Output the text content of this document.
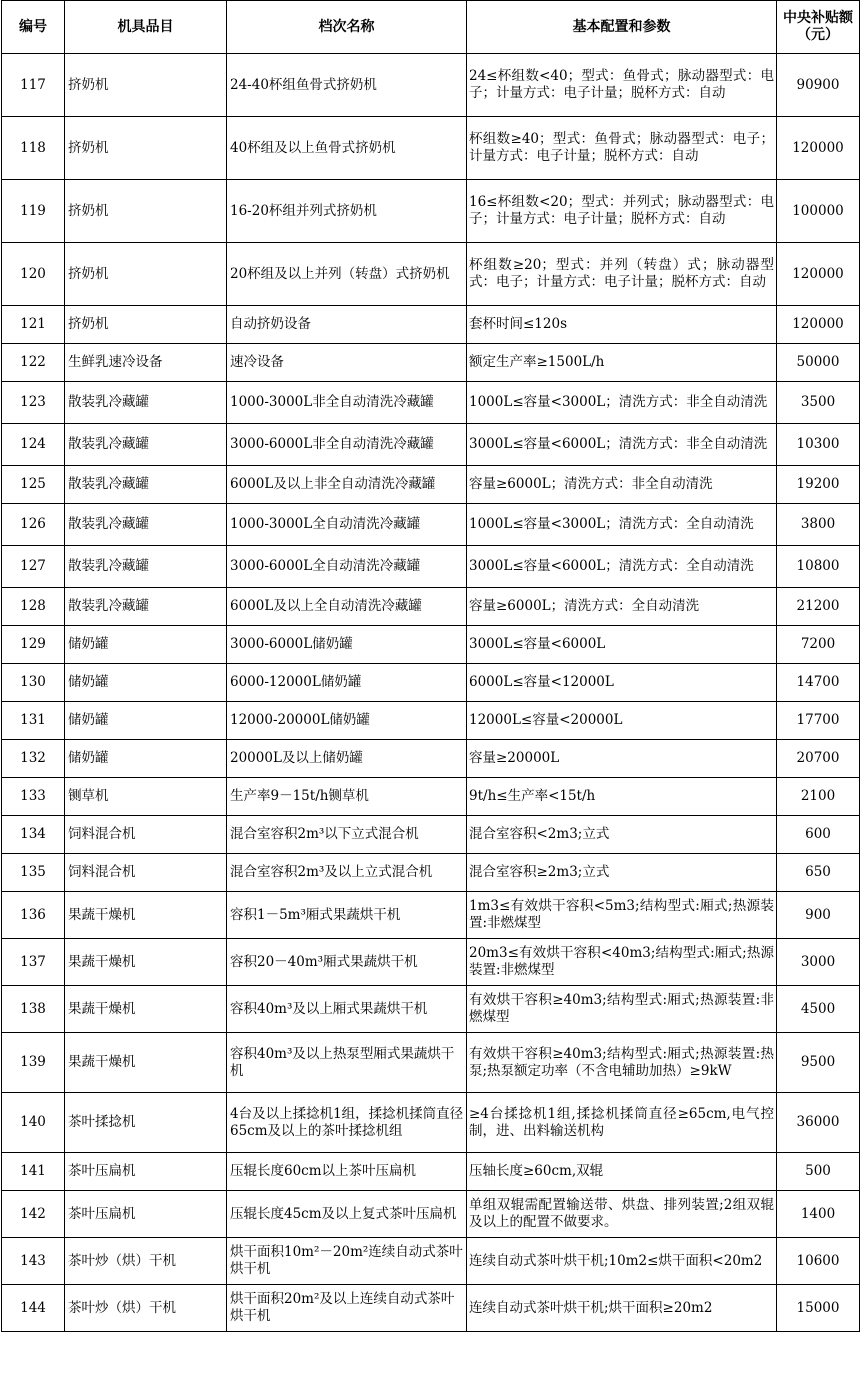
编号	机具品目	档次名称	基本配置和参数	中央补贴额（元）
117	挤奶机	24-40杯组鱼骨式挤奶机	24≤杯组数<40；型式：鱼骨式；脉动器型式：电子；计量方式：电子计量；脱杯方式：自动	90900
118	挤奶机	40杯组及以上鱼骨式挤奶机	杯组数≥40；型式：鱼骨式；脉动器型式：电子；计量方式：电子计量；脱杯方式：自动	120000
119	挤奶机	16-20杯组并列式挤奶机	16≤杯组数<20；型式：并列式；脉动器型式：电子；计量方式：电子计量；脱杯方式：自动	100000
120	挤奶机	20杯组及以上并列（转盘）式挤奶机	杯组数≥20；型式：并列（转盘）式；脉动器型式：电子；计量方式：电子计量；脱杯方式：自动	120000
121	挤奶机	自动挤奶设备	套杯时间≤120s	120000
122	生鲜乳速冷设备	速冷设备	额定生产率≥1500L/h	50000
123	散装乳冷藏罐	1000-3000L非全自动清洗冷藏罐	1000L≤容量<3000L；清洗方式：非全自动清洗	3500
124	散装乳冷藏罐	3000-6000L非全自动清洗冷藏罐	3000L≤容量<6000L；清洗方式：非全自动清洗	10300
125	散装乳冷藏罐	6000L及以上非全自动清洗冷藏罐	容量≥6000L；清洗方式：非全自动清洗	19200
126	散装乳冷藏罐	1000-3000L全自动清洗冷藏罐	1000L≤容量<3000L；清洗方式：全自动清洗	3800
127	散装乳冷藏罐	3000-6000L全自动清洗冷藏罐	3000L≤容量<6000L；清洗方式：全自动清洗	10800
128	散装乳冷藏罐	6000L及以上全自动清洗冷藏罐	容量≥6000L；清洗方式：全自动清洗	21200
129	储奶罐	3000-6000L储奶罐	3000L≤容量<6000L	7200
130	储奶罐	6000-12000L储奶罐	6000L≤容量<12000L	14700
131	储奶罐	12000-20000L储奶罐	12000L≤容量<20000L	17700
132	储奶罐	20000L及以上储奶罐	容量≥20000L	20700
133	铡草机	生产率9－15t/h铡草机	9t/h≤生产率<15t/h	2100
134	饲料混合机	混合室容积2m³以下立式混合机	混合室容积<2m3;立式	600
135	饲料混合机	混合室容积2m³及以上立式混合机	混合室容积≥2m3;立式	650
136	果蔬干燥机	容积1－5m³厢式果蔬烘干机	1m3≤有效烘干容积<5m3;结构型式:厢式;热源装置:非燃煤型	900
137	果蔬干燥机	容积20－40m³厢式果蔬烘干机	20m3≤有效烘干容积<40m3;结构型式:厢式;热源装置:非燃煤型	3000
138	果蔬干燥机	容积40m³及以上厢式果蔬烘干机	有效烘干容积≥40m3;结构型式:厢式;热源装置:非燃煤型	4500
139	果蔬干燥机	容积40m³及以上热泵型厢式果蔬烘干机	有效烘干容积≥40m3;结构型式:厢式;热源装置:热泵;热泵额定功率（不含电辅助加热）≥9kW	9500
140	茶叶揉捻机	4台及以上揉捻机1组，揉捻机揉筒直径65cm及以上的茶叶揉捻机组	≥4台揉捻机1组,揉捻机揉筒直径≥65cm,电气控制，进、出料输送机构	36000
141	茶叶压扁机	压辊长度60cm以上茶叶压扁机	压轴长度≥60cm,双辊	500
142	茶叶压扁机	压辊长度45cm及以上复式茶叶压扁机	单组双辊需配置输送带、烘盘、排列装置;2组双辊及以上的配置不做要求。	1400
143	茶叶炒（烘）干机	烘干面积10m²－20m²连续自动式茶叶烘干机	连续自动式茶叶烘干机;10m2≤烘干面积<20m2	10600
144	茶叶炒（烘）干机	烘干面积20m²及以上连续自动式茶叶烘干机	连续自动式茶叶烘干机;烘干面积≥20m2	15000
